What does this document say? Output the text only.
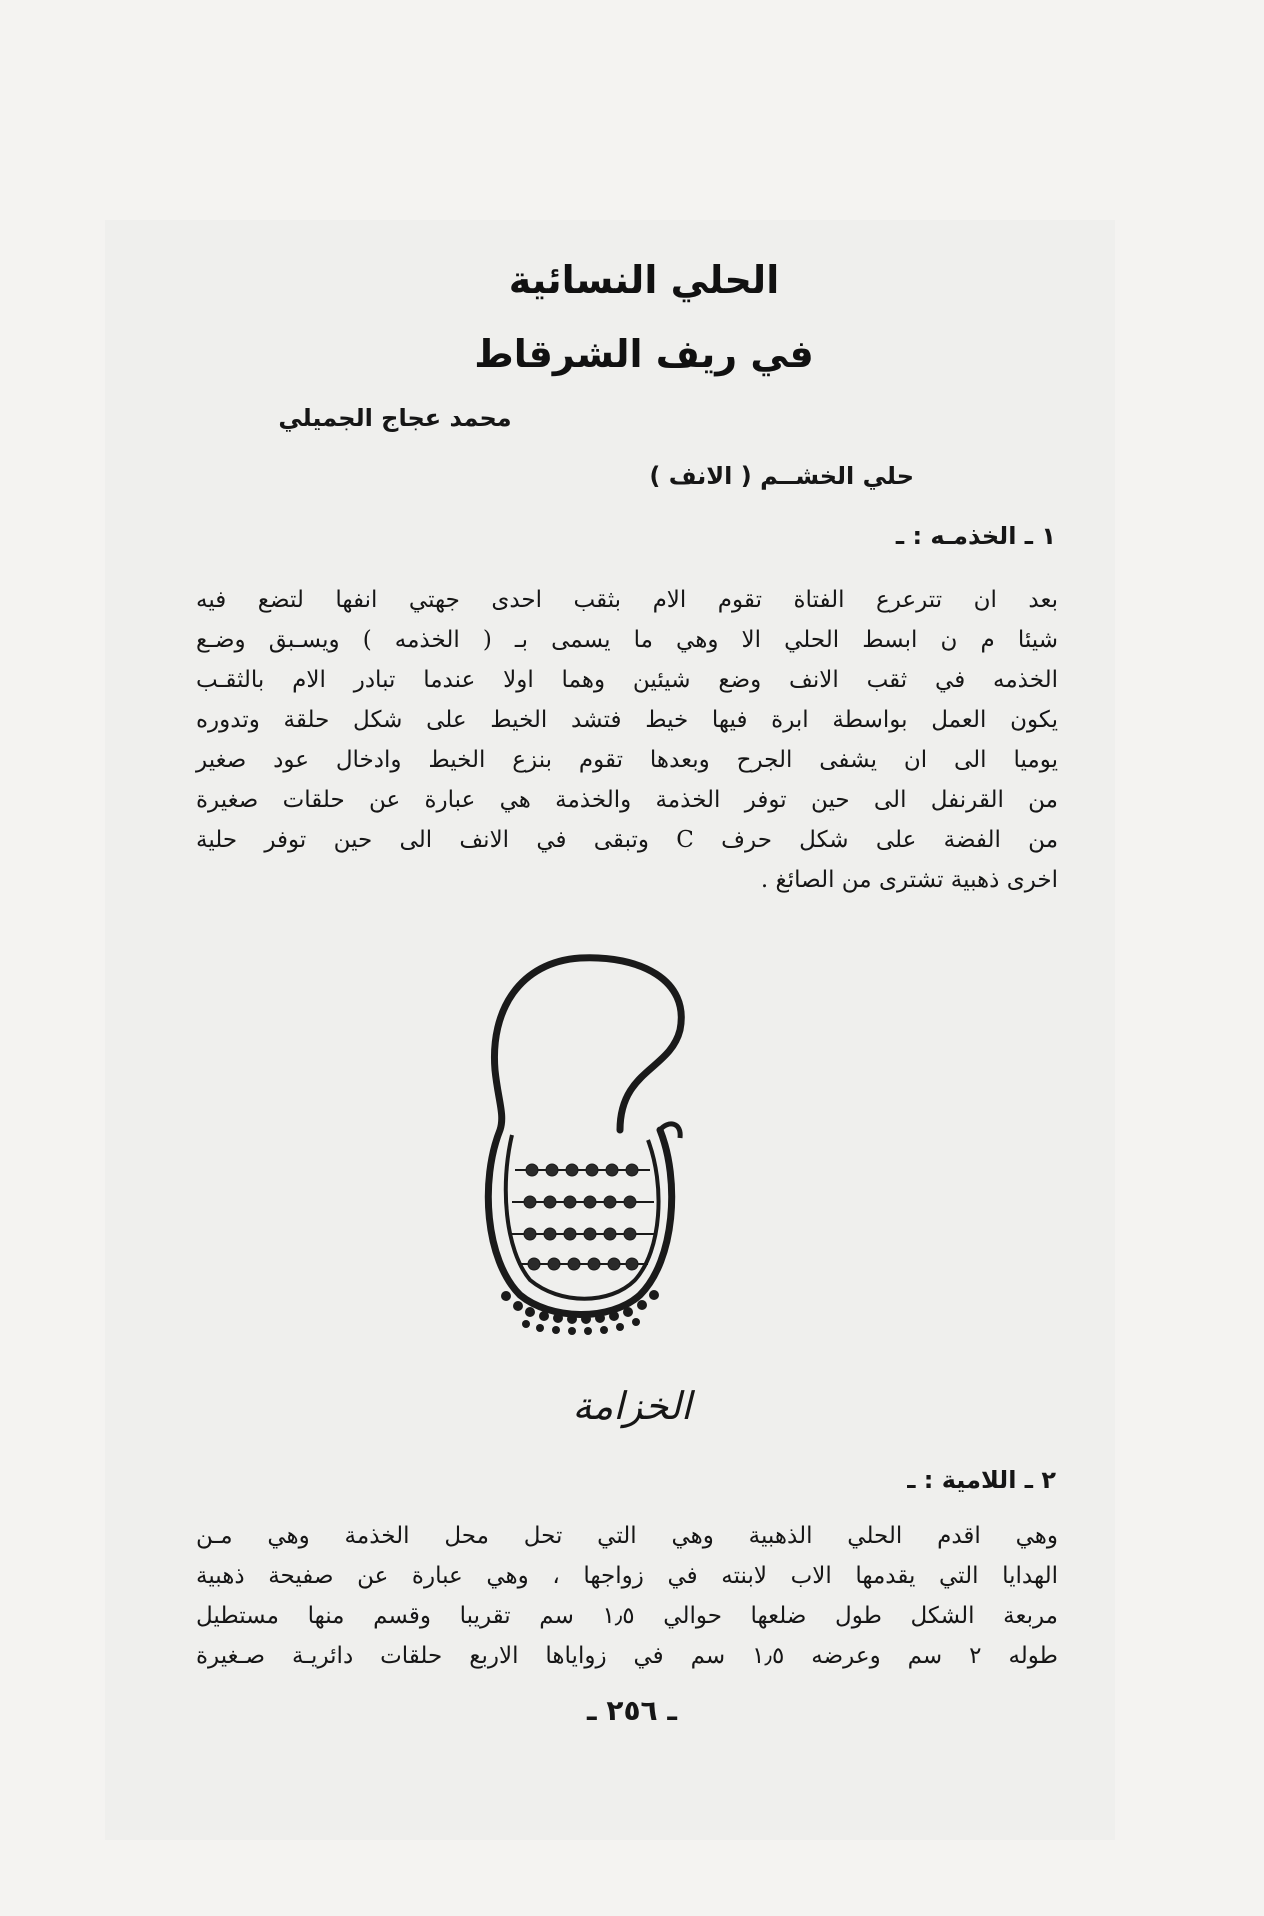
الحلي النسائية
في ريف الشرقاط
محمد عجاج الجميلي
حلي الخشــم ( الانف )
١ ـ الخذمـه : ـ
بعد ان تترعرع الفتاة تقوم الام بثقب احدى جهتي انفها لتضع فيه
شيئا م ن ابسط الحلي الا وهي ما يسمى بـ ( الخذمه ) ويسـبق وضـع
الخذمه في ثقب الانف وضع شيئين وهما اولا عندما تبادر الام بالثقـب
يكون العمل بواسطة ابرة فيها خيط فتشد الخيط على شكل حلقة وتدوره
يوميا الى ان يشفى الجرح وبعدها تقوم بنزع الخيط وادخال عود صغير
من القرنفل الى حين توفر الخذمة والخذمة هي عبارة عن حلقات صغيرة
من الفضة على شكل حرف C وتبقى في الانف الى حين توفر حلية
اخرى ذهبية تشترى من الصائغ .
الخزامة
٢ ـ اللامية : ـ
وهي اقدم الحلي الذهبية وهي التي تحل محل الخذمة وهي مـن
الهدايا التي يقدمها الاب لابنته في زواجها ، وهي عبارة عن صفيحة ذهبية
مربعة الشكل طول ضلعها حوالي ١٫٥ سم تقريبا وقسم منها مستطيل
طوله ٢ سم وعرضه ١٫٥ سم في زواياها الاربع حلقات دائريـة صـغيرة
ـ ٢٥٦ ـ
